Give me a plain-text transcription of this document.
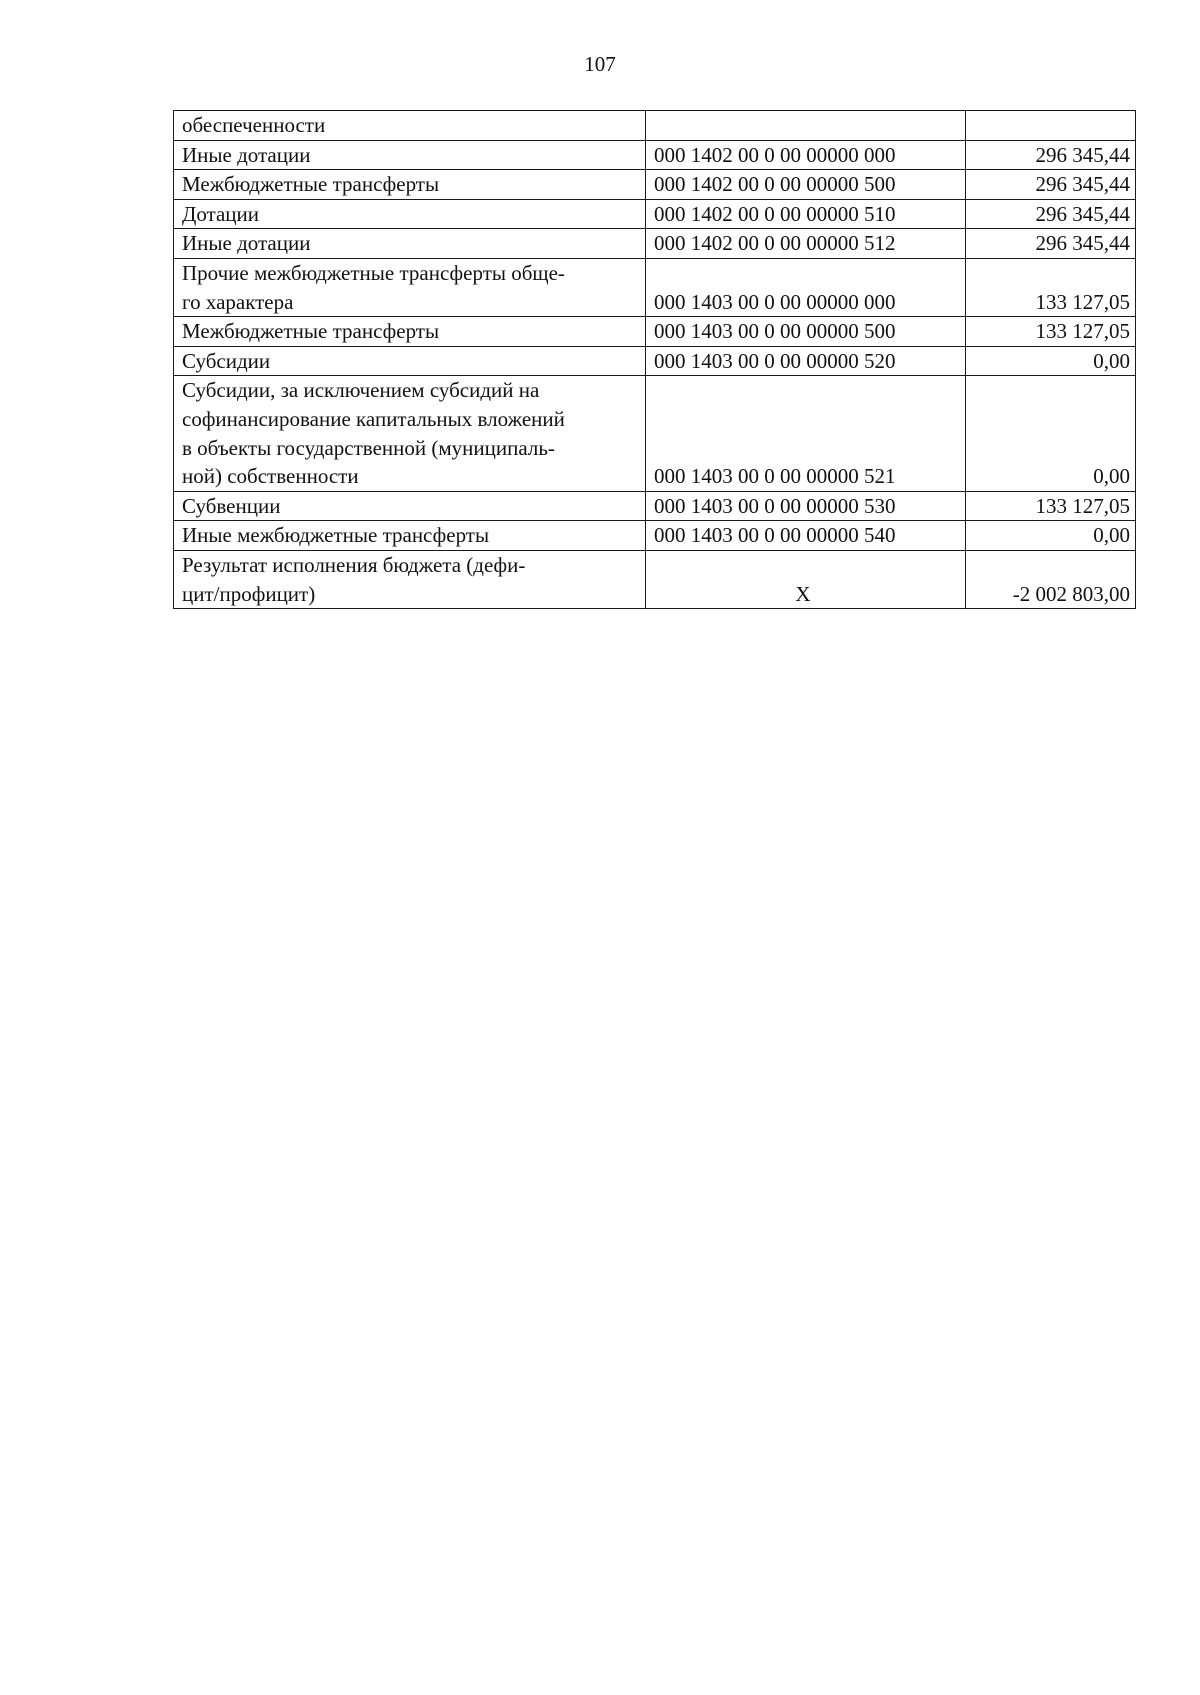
107
обеспеченности		
Иные дотации	000 1402 00 0 00 00000 000	296 345,44
Межбюджетные трансферты	000 1402 00 0 00 00000 500	296 345,44
Дотации	000 1402 00 0 00 00000 510	296 345,44
Иные дотации	000 1402 00 0 00 00000 512	296 345,44
Прочие межбюджетные трансферты обще-
го характера	000 1403 00 0 00 00000 000	133 127,05
Межбюджетные трансферты	000 1403 00 0 00 00000 500	133 127,05
Субсидии	000 1403 00 0 00 00000 520	0,00
Субсидии, за исключением субсидий на
софинансирование капитальных вложений
в объекты государственной (муниципаль-
ной) собственности	000 1403 00 0 00 00000 521	0,00
Субвенции	000 1403 00 0 00 00000 530	133 127,05
Иные межбюджетные трансферты	000 1403 00 0 00 00000 540	0,00
Результат исполнения бюджета (дефи-
цит/профицит)	X	-2 002 803,00
